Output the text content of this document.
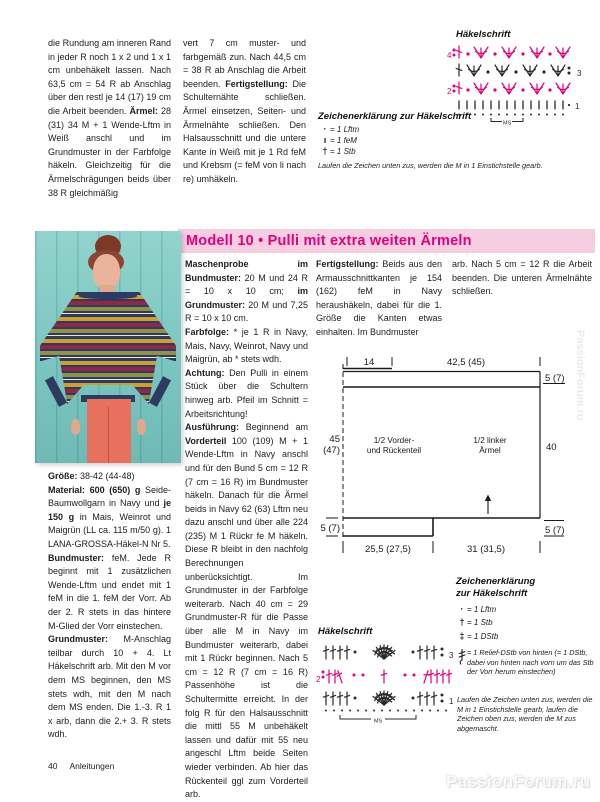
die Rundung am inneren Rand in jeder R noch 1 x 2 und 1 x 1 cm unbehäkelt lassen. Nach 63,5 cm = 54 R ab Anschlag über den restl je 14 (17) 19 cm die Arbeit beenden. Ärmel: 28 (31) 34 M + 1 Wende-Lftm in Weiß anschl und im Grundmuster in der Farbfolge häkeln. Gleichzeitig für die Ärmelschrägungen beids über 38 R gleichmäßig
vert 7 cm muster- und farbgemäß zun. Nach 44,5 cm = 38 R ab Anschlag die Arbeit beenden. Fertigstellung: Die Schulternähte schließen. Ärmel einsetzen, Seiten- und Ärmelnähte schließen. Den Halsausschnitt und die untere Kante in Weiß mit je 1 Rd feM und Krebsm (= feM von li nach re) umhäkeln.
Häkelschrift
4
3
2
1
MS
Zeichenerklärung zur Häkelschrift
· = 1 Lftm
ı = 1 feM
† = 1 Stb
Laufen die Zeichen unten zus, werden die M in 1 Einstichstelle gearb.
Modell 10 • Pulli mit extra weiten Ärmeln
Größe: 38-42 (44-48)
Material: 600 (650) g Seide-Baumwollgarn in Navy und je 150 g in Mais, Weinrot und Maigrün (LL ca. 115 m/50 g). 1 LANA-GROSSA-Häkel-N Nr 5.
Bundmuster: feM. Jede R beginnt mit 1 zusätzlichen Wende-Lftm und endet mit 1 feM in die 1. feM der Vorr. Ab der 2. R stets in das hintere M-Glied der Vorr einstechen.
Grundmuster: M-Anschlag teilbar durch 10 + 4. Lt Häkelschrift arb. Mit den M vor dem MS beginnen, den MS stets wdh, mit den M nach dem MS enden. Die 1.-3. R 1 x arb, dann die 2.+ 3. R stets wdh.
Maschenprobe im Bundmuster: 20 M und 24 R = 10 x 10 cm; im Grundmuster: 20 M und 7,25 R = 10 x 10 cm.
Farbfolge: * je 1 R in Navy, Mais, Navy, Weinrot, Navy und Maigrün, ab * stets wdh.
Achtung: Den Pulli in einem Stück über die Schultern hinweg arb. Pfeil im Schnitt = Arbeitsrichtung!
Ausführung: Beginnend am Vorderteil 100 (109) M + 1 Wende-Lftm in Navy anschl und für den Bund 5 cm = 12 R (7 cm = 16 R) im Bundmuster häkeln. Danach für die Ärmel beids in Navy 62 (63) Lftm neu dazu anschl und über alle 224 (235) M 1 Rückr fe M häkeln. Diese R bleibt in den nachfolg Berechnungen unberücksichtigt. Im Grundmuster in der Farbfolge weiterarb. Nach 40 cm = 29 Grundmuster-R für die Passe über alle M in Navy im Bundmuster weiterarb, dabei mit 1 Rückr beginnen. Nach 5 cm = 12 R (7 cm = 16 R) Passenhöhe ist die Schultermitte erreicht. In der folg R für den Halsausschnitt die mittl 55 M unbehäkelt lassen und dafür mit 55 neu angeschl Lftm beide Seiten wieder verbinden. Ab hier das Rückenteil ggl zum Vorderteil arb.
Fertigstellung: Beids aus den Armausschnittkanten je 154 (162) feM in Navy heraushäkeln, dabei für die 1. Größe die Kanten etwas einhalten. Im Bundmuster
arb. Nach 5 cm = 12 R die Arbeit beenden. Die unteren Ärmelnähte schließen.
14	42,5 (45)
5 (7)
45
(47)	40
5 (7)	5 (7)
25,5 (27,5)	31 (31,5)
1/2 Vorder-
und Rückenteil
1/2 linker
Ärmel
Häkelschrift
3
2
1
MS
Zeichenerklärung
zur Häkelschrift
· = 1 Lftm
† = 1 Stb
‡ = 1 DStb
= 1 Relief-DStb von hinten (= 1 DStb, dabei von hinten nach vorn um das Stb der Vorr herum einstechen)
Laufen die Zeichen unten zus, werden die M in 1 Einstichstelle gearb, laufen die Zeichen oben zus, werden die M zus abgemascht.
40 Anleitungen
PassionForum.ru
PassionForum.ru
